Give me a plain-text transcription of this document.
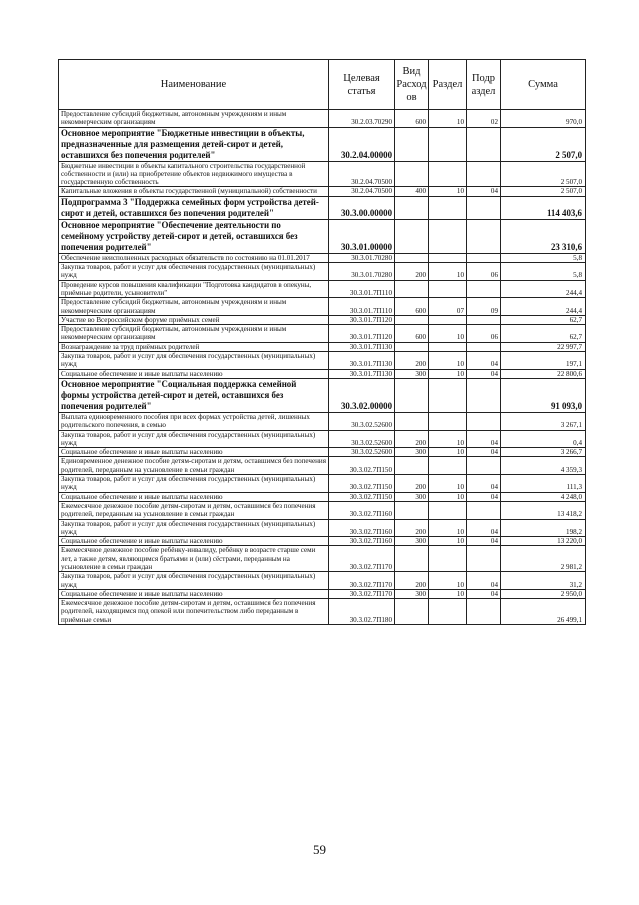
Наименование	Целевая статья	Вид Расход ов	Раздел	Подр аздел	Сумма
Предоставление субсидий бюджетным, автономным учреждениям и иным некоммерческим организациям	30.2.03.70290	600	10	02	970,0
Основное мероприятие "Бюджетные инвестиции в объекты, предназначенные для размещения детей-сирот и детей, оставшихся без попечения родителей"	30.2.04.00000				2 507,0
Бюджетные инвестиции в объекты капитального строительства государственной собственности и (или) на приобретение объектов недвижимого имущества в государственную собственность	30.2.04.70500				2 507,0
Капитальные вложения в объекты государственной (муниципальной) собственности	30.2.04.70500	400	10	04	2 507,0
Подпрограмма 3 "Поддержка семейных форм устройства детей-сирот и детей, оставшихся без попечения родителей"	30.3.00.00000				114 403,6
Основное мероприятие "Обеспечение деятельности по семейному устройству детей-сирот и детей, оставшихся без попечения родителей"	30.3.01.00000				23 310,6
Обеспечение неисполненных расходных обязательств по состоянию на 01.01.2017	30.3.01.70280				5,8
Закупка товаров, работ и услуг для обеспечения государственных (муниципальных) нужд	30.3.01.70280	200	10	06	5,8
Проведение курсов повышения квалификации "Подготовка кандидатов в опекуны, приёмные родители, усыновители"	30.3.01.7П110				244,4
Предоставление субсидий бюджетным, автономным учреждениям и иным некоммерческим организациям	30.3.01.7П110	600	07	09	244,4
Участие во Всероссийском форуме приёмных семей	30.3.01.7П120				62,7
Предоставление субсидий бюджетным, автономным учреждениям и иным некоммерческим организациям	30.3.01.7П120	600	10	06	62,7
Вознаграждение за труд приёмных родителей	30.3.01.7П130				22 997,7
Закупка товаров, работ и услуг для обеспечения государственных (муниципальных) нужд	30.3.01.7П130	200	10	04	197,1
Социальное обеспечение и иные выплаты населению	30.3.01.7П130	300	10	04	22 800,6
Основное мероприятие "Социальная поддержка семейной формы устройства детей-сирот и детей, оставшихся без попечения родителей"	30.3.02.00000				91 093,0
Выплата единовременного пособия при всех формах устройства детей, лишенных родительского попечения, в семью	30.3.02.52600				3 267,1
Закупка товаров, работ и услуг для обеспечения государственных (муниципальных) нужд	30.3.02.52600	200	10	04	0,4
Социальное обеспечение и иные выплаты населению	30.3.02.52600	300	10	04	3 266,7
Единовременное денежное пособие детям-сиротам и детям, оставшимся без попечения родителей, переданным на усыновление в семьи граждан	30.3.02.7П150				4 359,3
Закупка товаров, работ и услуг для обеспечения государственных (муниципальных) нужд	30.3.02.7П150	200	10	04	111,3
Социальное обеспечение и иные выплаты населению	30.3.02.7П150	300	10	04	4 248,0
Ежемесячное денежное пособие детям-сиротам и детям, оставшимся без попечения родителей, переданным на усыновление в семьи граждан	30.3.02.7П160				13 418,2
Закупка товаров, работ и услуг для обеспечения государственных (муниципальных) нужд	30.3.02.7П160	200	10	04	198,2
Социальное обеспечение и иные выплаты населению	30.3.02.7П160	300	10	04	13 220,0
Ежемесячное денежное пособие ребёнку-инвалиду, ребёнку в возрасте старше семи лет, а также детям, являющимся братьями и (или) сёстрами, переданным на усыновление в семьи граждан	30.3.02.7П170				2 981,2
Закупка товаров, работ и услуг для обеспечения государственных (муниципальных) нужд	30.3.02.7П170	200	10	04	31,2
Социальное обеспечение и иные выплаты населению	30.3.02.7П170	300	10	04	2 950,0
Ежемесячное денежное пособие детям-сиротам и детям, оставшимся без попечения родителей, находящимся под опекой или попечительством либо переданным в приёмные семьи	30.3.02.7П180				26 499,1
59
